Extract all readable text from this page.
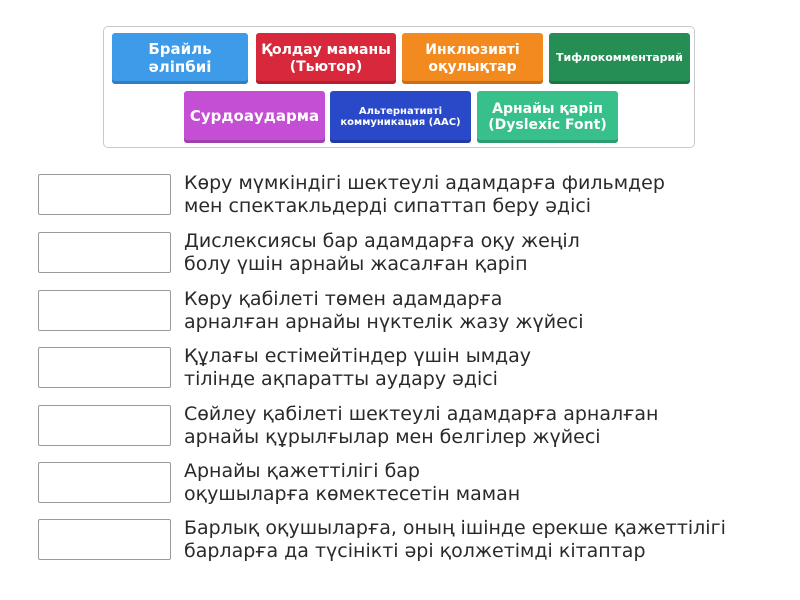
Брайль әліпбиі
Қолдау маманы
(Тьютор)
Инклюзивті
оқулықтар
Тифлокомментарий
Сурдоаударма	Альтернативті
коммуникация (AAC)
Арнайы қаріп
(Dyslexic Font)
Көру мүмкіндігі шектеулі адамдарға фильмдер
мен спектакльдерді сипаттап беру әдісі
Дислексиясы бар адамдарға оқу жеңіл
болу үшін арнайы жасалған қаріп
Көру қабілеті төмен адамдарға
арналған арнайы нүктелік жазу жүйесі
Құлағы естімейтіндер үшін ымдау
тілінде ақпаратты аудару әдісі
Сөйлеу қабілеті шектеулі адамдарға арналған
арнайы құрылғылар мен белгілер жүйесі
Арнайы қажеттілігі бар
оқушыларға көмектесетін маман
Барлық оқушыларға, оның ішінде ерекше қажеттілігі
барларға да түсінікті әрі қолжетімді кітаптар
